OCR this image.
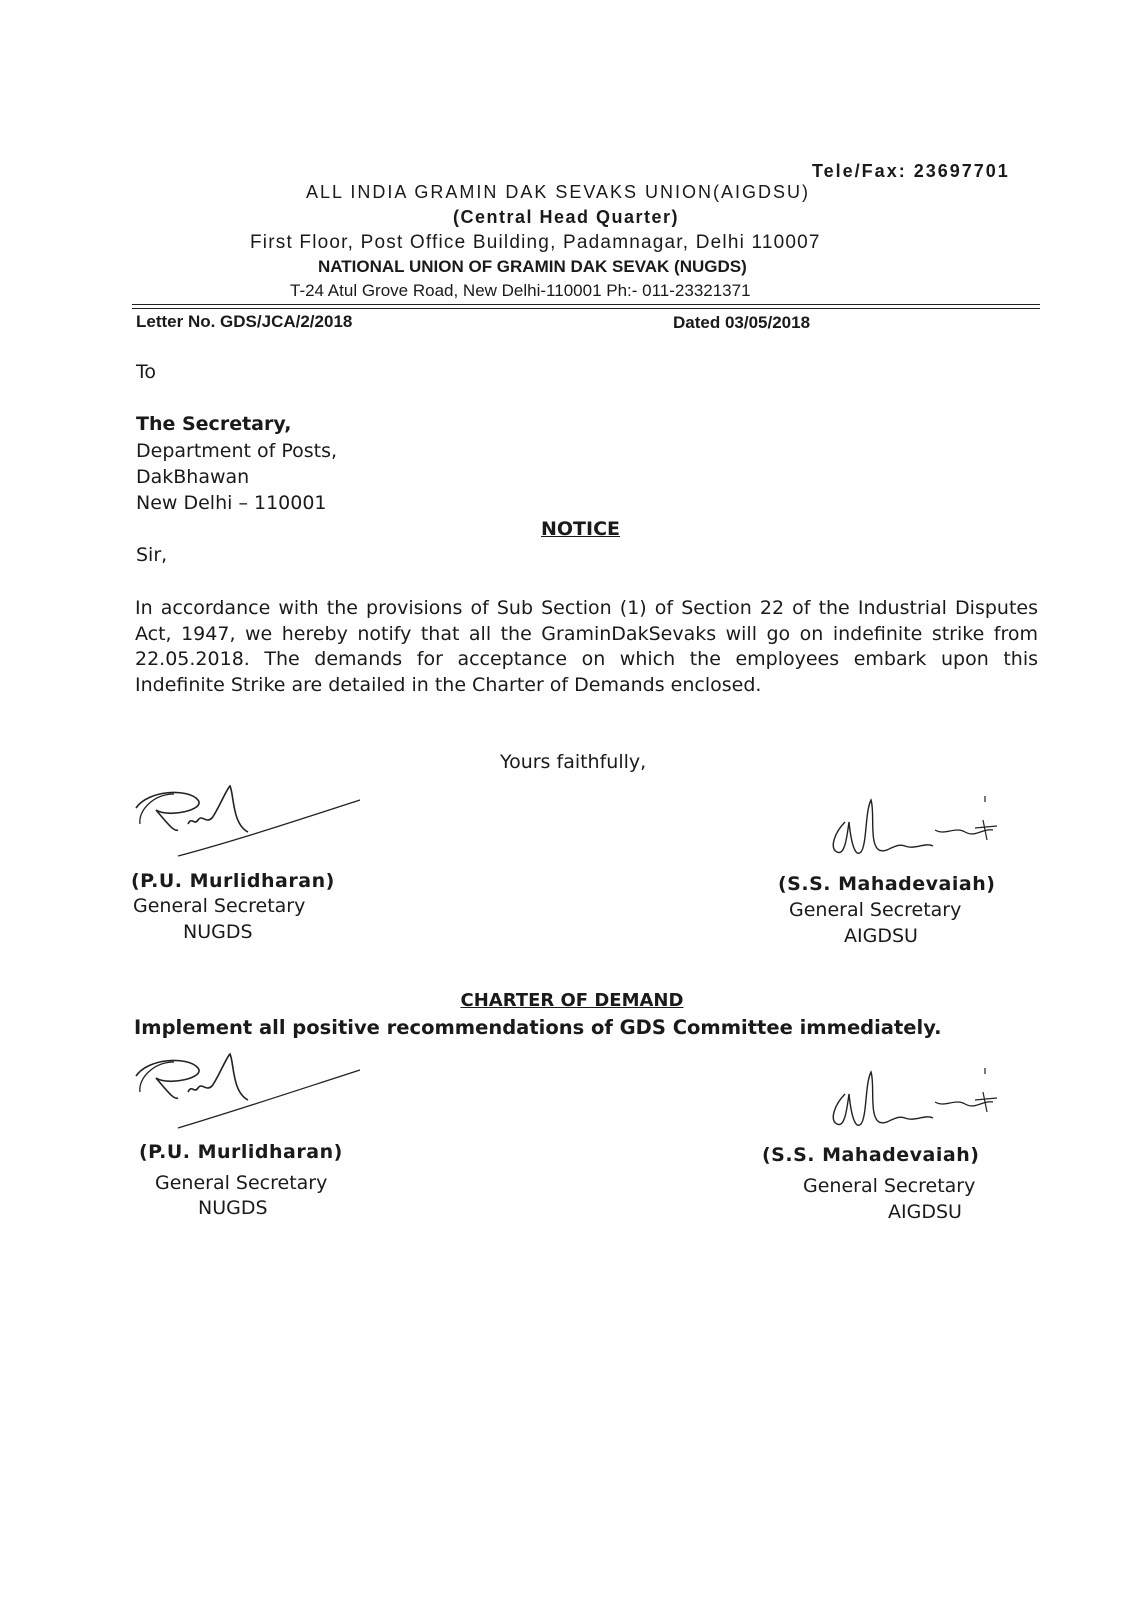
Tele/Fax: 23697701
ALL INDIA GRAMIN DAK SEVAKS UNION(AIGDSU)
(Central Head Quarter)
First Floor, Post Office Building, Padamnagar, Delhi 110007
NATIONAL UNION OF GRAMIN DAK SEVAK (NUGDS)
T-24 Atul Grove Road, New Delhi-110001 Ph:- 011-23321371
Letter No. GDS/JCA/2/2018	Dated 03/05/2018
To
The Secretary,
Department of Posts,
DakBhawan
New Delhi – 110001
NOTICE
Sir,
In accordance with the provisions of Sub Section (1) of Section 22 of the Industrial Disputes Act, 1947, we hereby notify that all the GraminDakSevaks will go on indefinite strike from 22.05.2018. The demands for acceptance on which the employees embark upon this Indefinite Strike are detailed in the Charter of Demands enclosed.
Yours faithfully,
(P.U. Murlidharan)
General Secretary
NUGDS
(S.S. Mahadevaiah)
General Secretary
AIGDSU
CHARTER OF DEMAND
Implement all positive recommendations of GDS Committee immediately.
(P.U. Murlidharan)
General Secretary
NUGDS
(S.S. Mahadevaiah)
General Secretary
AIGDSU
